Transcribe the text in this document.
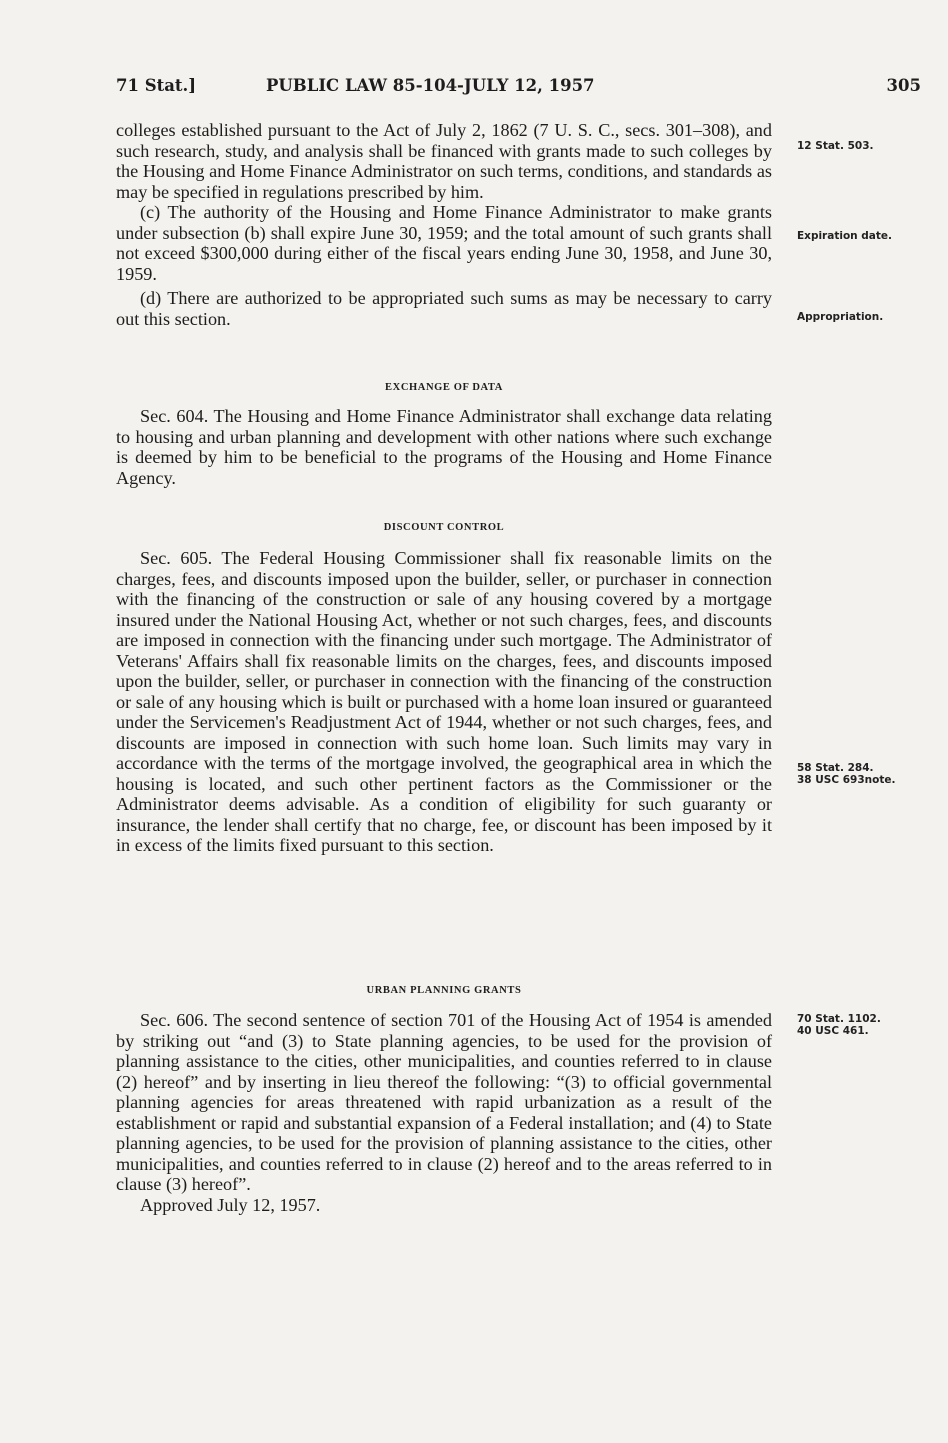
71 Stat.]	PUBLIC LAW 85-104-JULY 12, 1957	305

colleges established pursuant to the Act of July 2, 1862 (7 U. S. C., secs. 301–308), and such research, study, and analysis shall be financed with grants made to such colleges by the Housing and Home Finance Administrator on such terms, conditions, and standards as may be specified in regulations prescribed by him.

(c) The authority of the Housing and Home Finance Administrator to make grants under subsection (b) shall expire June 30, 1959; and the total amount of such grants shall not exceed $300,000 during either of the fiscal years ending June 30, 1958, and June 30, 1959.

(d) There are authorized to be appropriated such sums as may be necessary to carry out this section.

EXCHANGE OF DATA

Sec. 604. The Housing and Home Finance Administrator shall exchange data relating to housing and urban planning and development with other nations where such exchange is deemed by him to be beneficial to the programs of the Housing and Home Finance Agency.

DISCOUNT CONTROL

Sec. 605. The Federal Housing Commissioner shall fix reasonable limits on the charges, fees, and discounts imposed upon the builder, seller, or purchaser in connection with the financing of the construction or sale of any housing covered by a mortgage insured under the National Housing Act, whether or not such charges, fees, and discounts are imposed in connection with the financing under such mortgage. The Administrator of Veterans' Affairs shall fix reasonable limits on the charges, fees, and discounts imposed upon the builder, seller, or purchaser in connection with the financing of the construction or sale of any housing which is built or purchased with a home loan insured or guaranteed under the Servicemen's Readjustment Act of 1944, whether or not such charges, fees, and discounts are imposed in connection with such home loan. Such limits may vary in accordance with the terms of the mortgage involved, the geographical area in which the housing is located, and such other pertinent factors as the Commissioner or the Administrator deems advisable. As a condition of eligibility for such guaranty or insurance, the lender shall certify that no charge, fee, or discount has been imposed by it in excess of the limits fixed pursuant to this section.

URBAN PLANNING GRANTS

Sec. 606. The second sentence of section 701 of the Housing Act of 1954 is amended by striking out “and (3) to State planning agencies, to be used for the provision of planning assistance to the cities, other municipalities, and counties referred to in clause (2) hereof” and by inserting in lieu thereof the following: “(3) to official governmental planning agencies for areas threatened with rapid urbanization as a result of the establishment or rapid and substantial expansion of a Federal installation; and (4) to State planning agencies, to be used for the provision of planning assistance to the cities, other municipalities, and counties referred to in clause (2) hereof and to the areas referred to in clause (3) hereof”.

Approved July 12, 1957.

12 Stat. 503.
Expiration date.
Appropriation.
58 Stat. 284.
38 USC 693note.
70 Stat. 1102.
40 USC 461.
